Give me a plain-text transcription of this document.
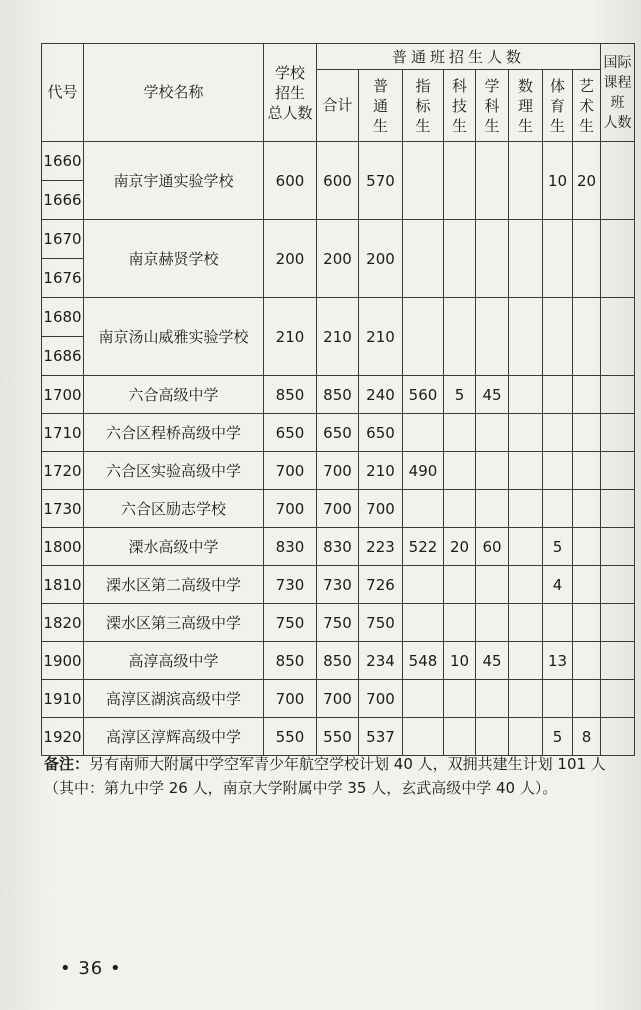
代号	学校名称	学校
招生
总人数	普通班招生人数								国际
课程
班
人数

			合计	普
通
生	指
标
生	科
技
生	学
科
生	数
理
生	体
育
生	艺
术
生	

1660	南京宇通实验学校	600	600	570					10	20	
1666											
1670	南京赫贤学校	200	200	200							
1676											
1680	南京汤山威雅实验学校	210	210	210							
1686											
1700	六合高级中学	850	850	240	560	5	45				
1710	六合区程桥高级中学	650	650	650							
1720	六合区实验高级中学	700	700	210	490						
1730	六合区励志学校	700	700	700							
1800	溧水高级中学	830	830	223	522	20	60		5		
1810	溧水区第二高级中学	730	730	726					4		
1820	溧水区第三高级中学	750	750	750							
1900	高淳高级中学	850	850	234	548	10	45		13		
1910	高淳区湖滨高级中学	700	700	700							
1920	高淳区淳辉高级中学	550	550	537					5	8	
备注：另有南师大附属中学空军青少年航空学校计划 40 人，双拥共建生计划 101 人（其中：第九中学 26 人，南京大学附属中学 35 人，玄武高级中学 40 人）。
• 36 •
